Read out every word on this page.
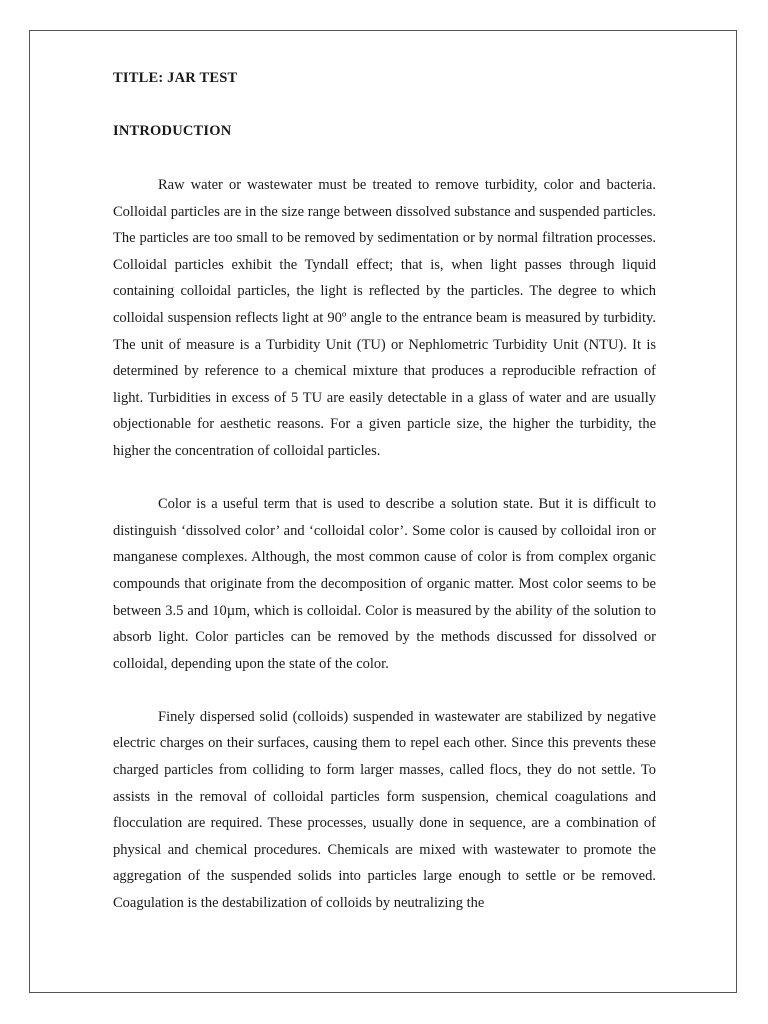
TITLE: JAR TEST

INTRODUCTION

Raw water or wastewater must be treated to remove turbidity, color and bacteria. Colloidal particles are in the size range between dissolved substance and suspended particles. The particles are too small to be removed by sedimentation or by normal filtration processes. Colloidal particles exhibit the Tyndall effect; that is, when light passes through liquid containing colloidal particles, the light is reflected by the particles. The degree to which colloidal suspension reflects light at 90º angle to the entrance beam is measured by turbidity. The unit of measure is a Turbidity Unit (TU) or Nephlometric Turbidity Unit (NTU). It is determined by reference to a chemical mixture that produces a reproducible refraction of light. Turbidities in excess of 5 TU are easily detectable in a glass of water and are usually objectionable for aesthetic reasons. For a given particle size, the higher the turbidity, the higher the concentration of colloidal particles.

Color is a useful term that is used to describe a solution state. But it is difficult to distinguish ‘dissolved color’ and ‘colloidal color’. Some color is caused by colloidal iron or manganese complexes. Although, the most common cause of color is from complex organic compounds that originate from the decomposition of organic matter. Most color seems to be between 3.5 and 10µm, which is colloidal. Color is measured by the ability of the solution to absorb light. Color particles can be removed by the methods discussed for dissolved or colloidal, depending upon the state of the color.

Finely dispersed solid (colloids) suspended in wastewater are stabilized by negative electric charges on their surfaces, causing them to repel each other. Since this prevents these charged particles from colliding to form larger masses, called flocs, they do not settle. To assists in the removal of colloidal particles form suspension, chemical coagulations and flocculation are required. These processes, usually done in sequence, are a combination of physical and chemical procedures. Chemicals are mixed with wastewater to promote the aggregation of the suspended solids into particles large enough to settle or be removed. Coagulation is the destabilization of colloids by neutralizing the
